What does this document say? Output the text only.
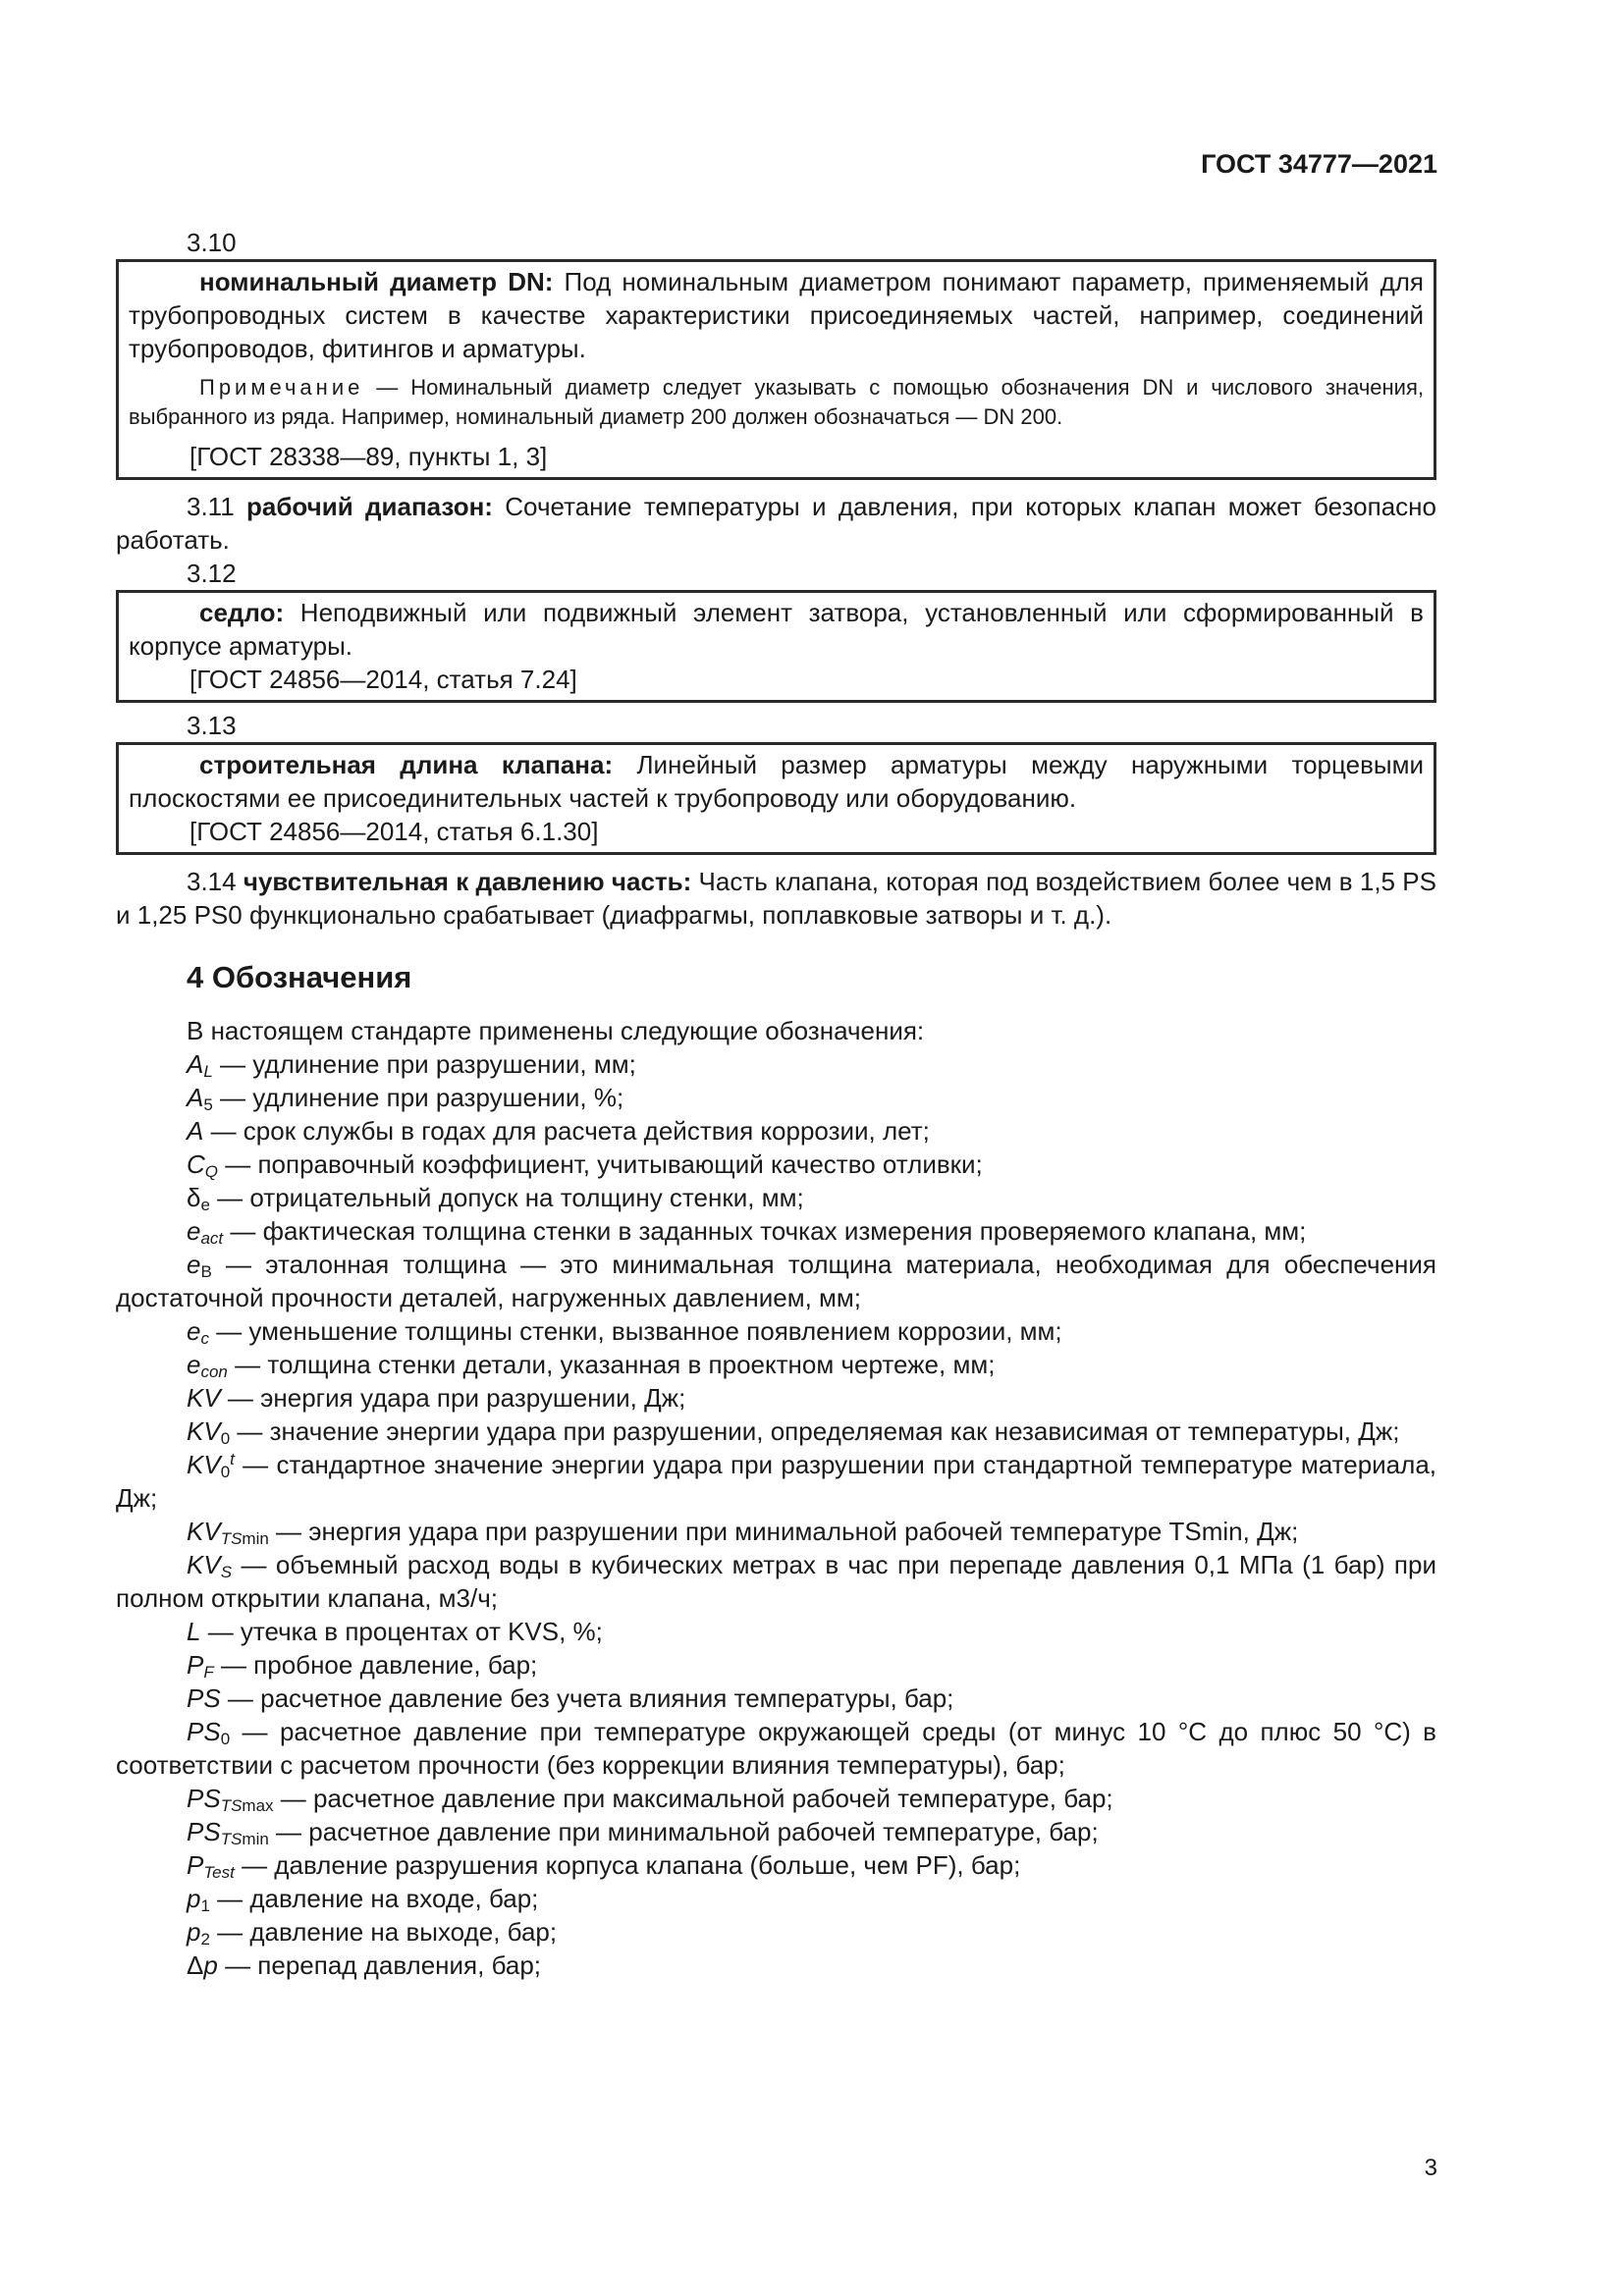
ГОСТ 34777—2021
3.10

номинальный диаметр DN: Под номинальным диаметром понимают параметр, применяемый для трубопроводных систем в качестве характеристики присоединяемых частей, например, соединений трубопроводов, фитингов и арматуры.

Примечание — Номинальный диаметр следует указывать с помощью обозначения DN и числового значения, выбранного из ряда. Например, номинальный диаметр 200 должен обозначаться — DN 200.

[ГОСТ 28338—89, пункты 1, 3]

3.11 рабочий диапазон: Сочетание температуры и давления, при которых клапан может безопасно работать.

3.12

седло: Неподвижный или подвижный элемент затвора, установленный или сформированный в корпусе арматуры.

[ГОСТ 24856—2014, статья 7.24]
3.13

строительная длина клапана: Линейный размер арматуры между наружными торцевыми плоскостями ее присоединительных частей к трубопроводу или оборудованию.

[ГОСТ 24856—2014, статья 6.1.30]

3.14 чувствительная к давлению часть: Часть клапана, которая под воздействием более чем в 1,5 PS и 1,25 PS0 функционально срабатывает (диафрагмы, поплавковые затворы и т. д.).

4 Обозначения

В настоящем стандарте применены следующие обозначения:

$A_L$ — удлинение при разрушении, мм;

$A_5$ — удлинение при разрушении, %;

A — срок службы в годах для расчета действия коррозии, лет;

$C_Q$ — поправочный коэффициент, учитывающий качество отливки;

$\delta_e$ — отрицательный допуск на толщину стенки, мм;

$e_{act}$ — фактическая толщина стенки в заданных точках измерения проверяемого клапана, мм;

$e_B$ — эталонная толщина — это минимальная толщина материала, необходимая для обеспечения достаточной прочности деталей, нагруженных давлением, мм;

$e_c$ — уменьшение толщины стенки, вызванное появлением коррозии, мм;

$e_{con}$ — толщина стенки детали, указанная в проектном чертеже, мм;

KV — энергия удара при разрушении, Дж;

$KV_0$ — значение энергии удара при разрушении, определяемая как независимая от температуры, Дж;

$KV_0^t$ — стандартное значение энергии удара при разрушении при стандартной температуре материала, Дж;

$KV_{TSmin}$ — энергия удара при разрушении при минимальной рабочей температуре TSmin, Дж;

$KV_S$ — объемный расход воды в кубических метрах в час при перепаде давления 0,1 МПа (1 бар) при полном открытии клапана, м3/ч;

L — утечка в процентах от KVS, %;

$P_F$ — пробное давление, бар;

PS — расчетное давление без учета влияния температуры, бар;

$PS_0$ — расчетное давление при температуре окружающей среды (от минус 10 °С до плюс 50 °С) в соответствии с расчетом прочности (без коррекции влияния температуры), бар;

$PS_{TSmax}$ — расчетное давление при максимальной рабочей температуре, бар;

$PS_{TSmin}$ — расчетное давление при минимальной рабочей температуре, бар;

$P_{Test}$ — давление разрушения корпуса клапана (больше, чем PF), бар;

$p_1$ — давление на входе, бар;

$p_2$ — давление на выходе, бар;

Δp — перепад давления, бар;

3
